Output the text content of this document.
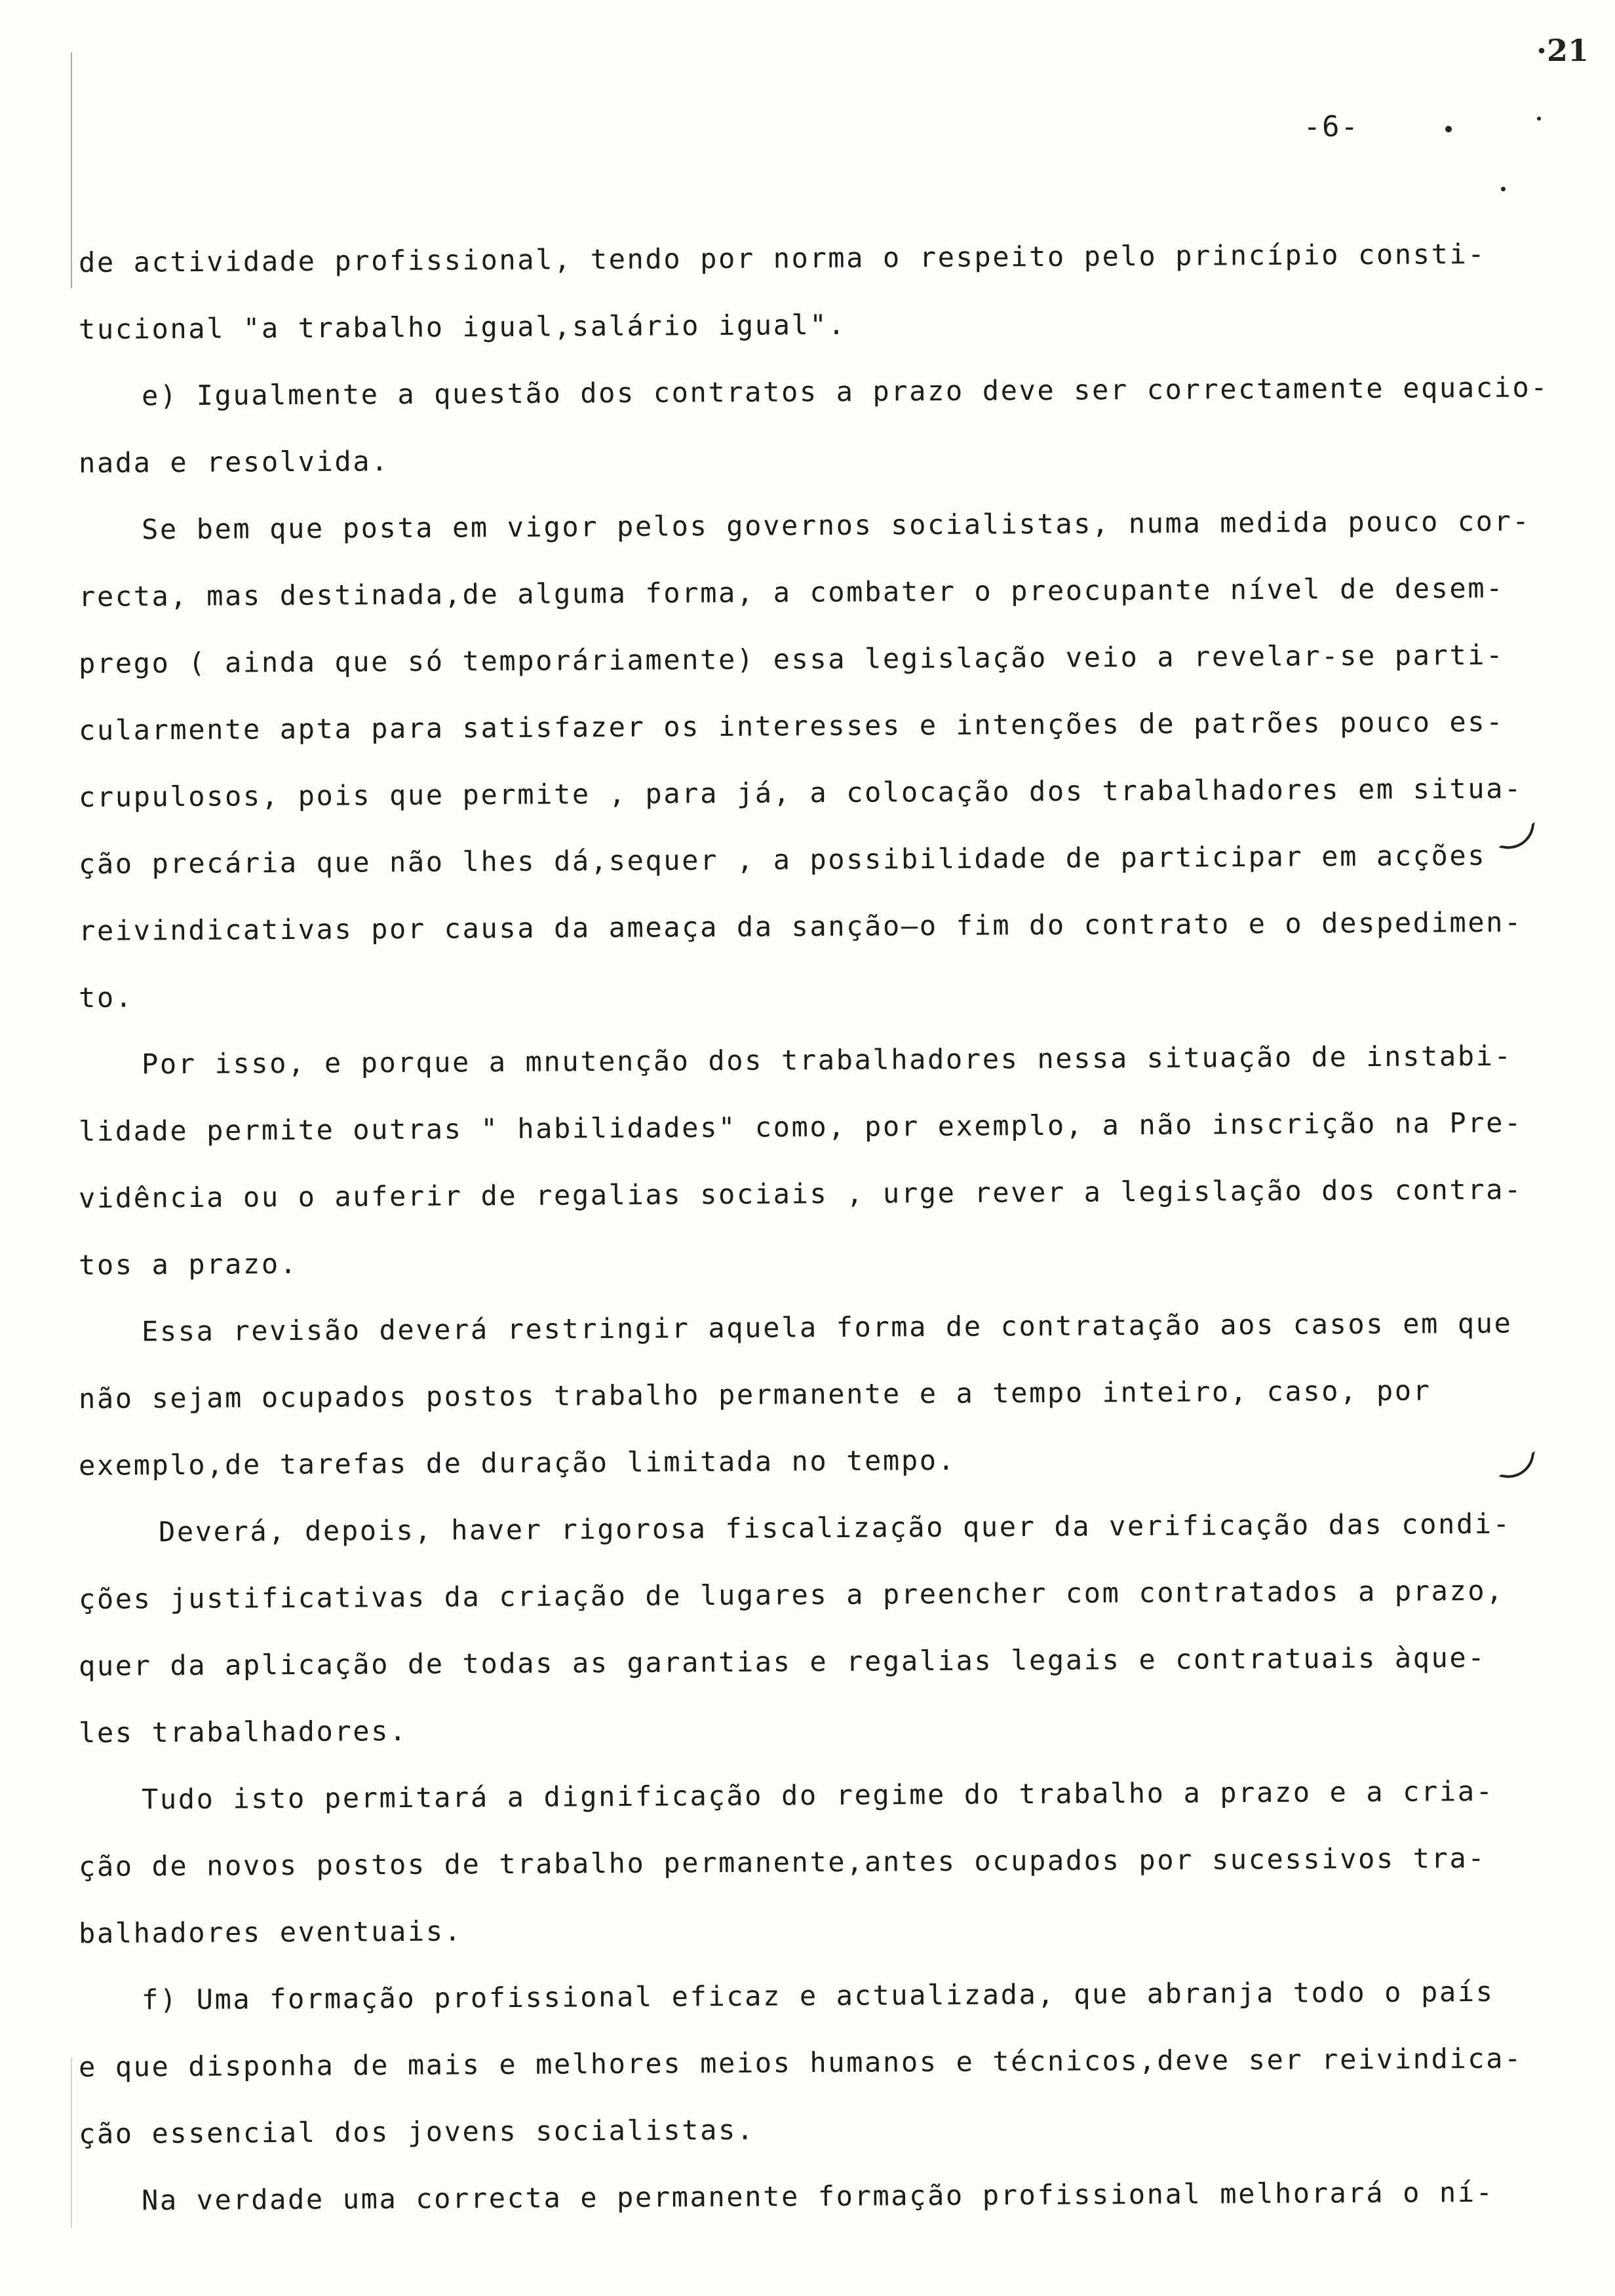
·21
-6-
de actividade profissional, tendo por norma o respeito pelo princípio consti-
tucional "a trabalho igual,salário igual".
e) Igualmente a questão dos contratos a prazo deve ser correctamente equacio-
nada e resolvida.
Se bem que posta em vigor pelos governos socialistas, numa medida pouco cor-
recta, mas destinada,de alguma forma, a combater o preocupante nível de desem-
prego ( ainda que só temporáriamente) essa legislação veio a revelar-se parti-
cularmente apta para satisfazer os interesses e intenções de patrões pouco es-
crupulosos, pois que permite , para já, a colocação dos trabalhadores em situa-
ção precária que não lhes dá,sequer , a possibilidade de participar em acções
reivindicativas por causa da ameaça da sanção—o fim do contrato e o despedimen-
to.
Por isso, e porque a mnutenção dos trabalhadores nessa situação de instabi-
lidade permite outras " habilidades" como, por exemplo, a não inscrição na Pre-
vidência ou o auferir de regalias sociais , urge rever a legislação dos contra-
tos a prazo.
Essa revisão deverá restringir aquela forma de contratação aos casos em que
não sejam ocupados postos trabalho permanente e a tempo inteiro, caso, por
exemplo,de tarefas de duração limitada no tempo.
Deverá, depois, haver rigorosa fiscalização quer da verificação das condi-
ções justificativas da criação de lugares a preencher com contratados a prazo,
quer da aplicação de todas as garantias e regalias legais e contratuais àque-
les trabalhadores.
Tudo isto permitará a dignificação do regime do trabalho a prazo e a cria-
ção de novos postos de trabalho permanente,antes ocupados por sucessivos tra-
balhadores eventuais.
f) Uma formação profissional eficaz e actualizada, que abranja todo o país
e que disponha de mais e melhores meios humanos e técnicos,deve ser reivindica-
ção essencial dos jovens socialistas.
Na verdade uma correcta e permanente formação profissional melhorará o ní-
